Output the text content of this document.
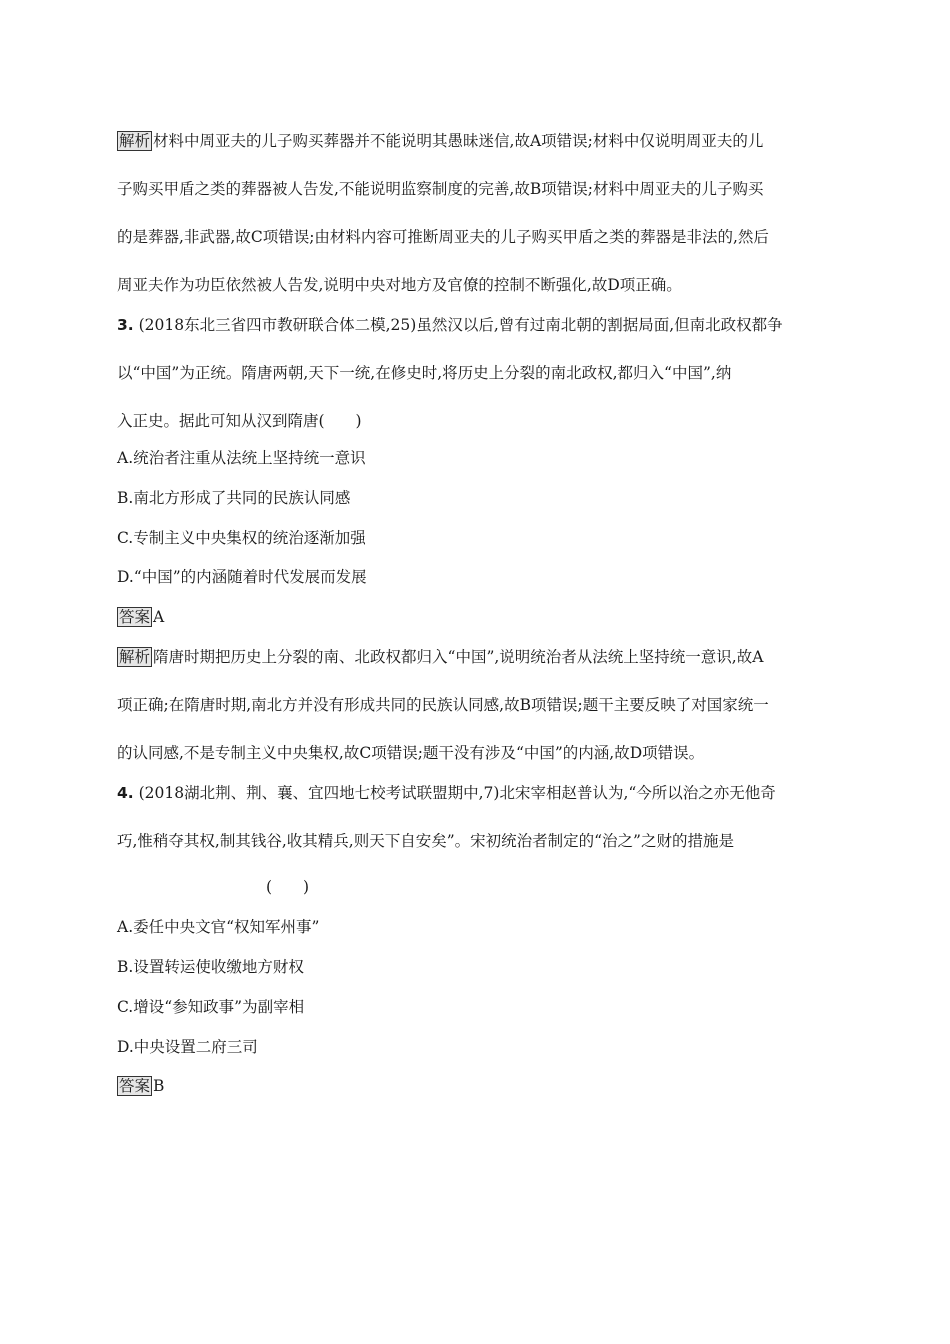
解析 材料中周亚夫的儿子购买葬器并不能说明其愚昧迷信,故A项错误;材料中仅说明周亚夫的儿
子购买甲盾之类的葬器被人告发,不能说明监察制度的完善,故B项错误;材料中周亚夫的儿子购买
的是葬器,非武器,故C项错误;由材料内容可推断周亚夫的儿子购买甲盾之类的葬器是非法的,然后
周亚夫作为功臣依然被人告发,说明中央对地方及官僚的控制不断强化,故D项正确。
3. (2018东北三省四市教研联合体二模,25)虽然汉以后,曾有过南北朝的割据局面,但南北政权都争
以“中国”为正统。隋唐两朝,天下一统,在修史时,将历史上分裂的南北政权,都归入“中国”,纳
入正史。据此可知从汉到隋唐(　　)
A.统治者注重从法统上坚持统一意识
B.南北方形成了共同的民族认同感
C.专制主义中央集权的统治逐渐加强
D.“中国”的内涵随着时代发展而发展
答案 A
解析 隋唐时期把历史上分裂的南、北政权都归入“中国”,说明统治者从法统上坚持统一意识,故A
项正确;在隋唐时期,南北方并没有形成共同的民族认同感,故B项错误;题干主要反映了对国家统一
的认同感,不是专制主义中央集权,故C项错误;题干没有涉及“中国”的内涵,故D项错误。
4. (2018湖北荆、荆、襄、宜四地七校考试联盟期中,7)北宋宰相赵普认为,“今所以治之亦无他奇
巧,惟稍夺其权,制其钱谷,收其精兵,则天下自安矣”。宋初统治者制定的“治之”之财的措施是
(　　)
A.委任中央文官“权知军州事”
B.设置转运使收缴地方财权
C.增设“参知政事”为副宰相
D.中央设置二府三司
答案 B
